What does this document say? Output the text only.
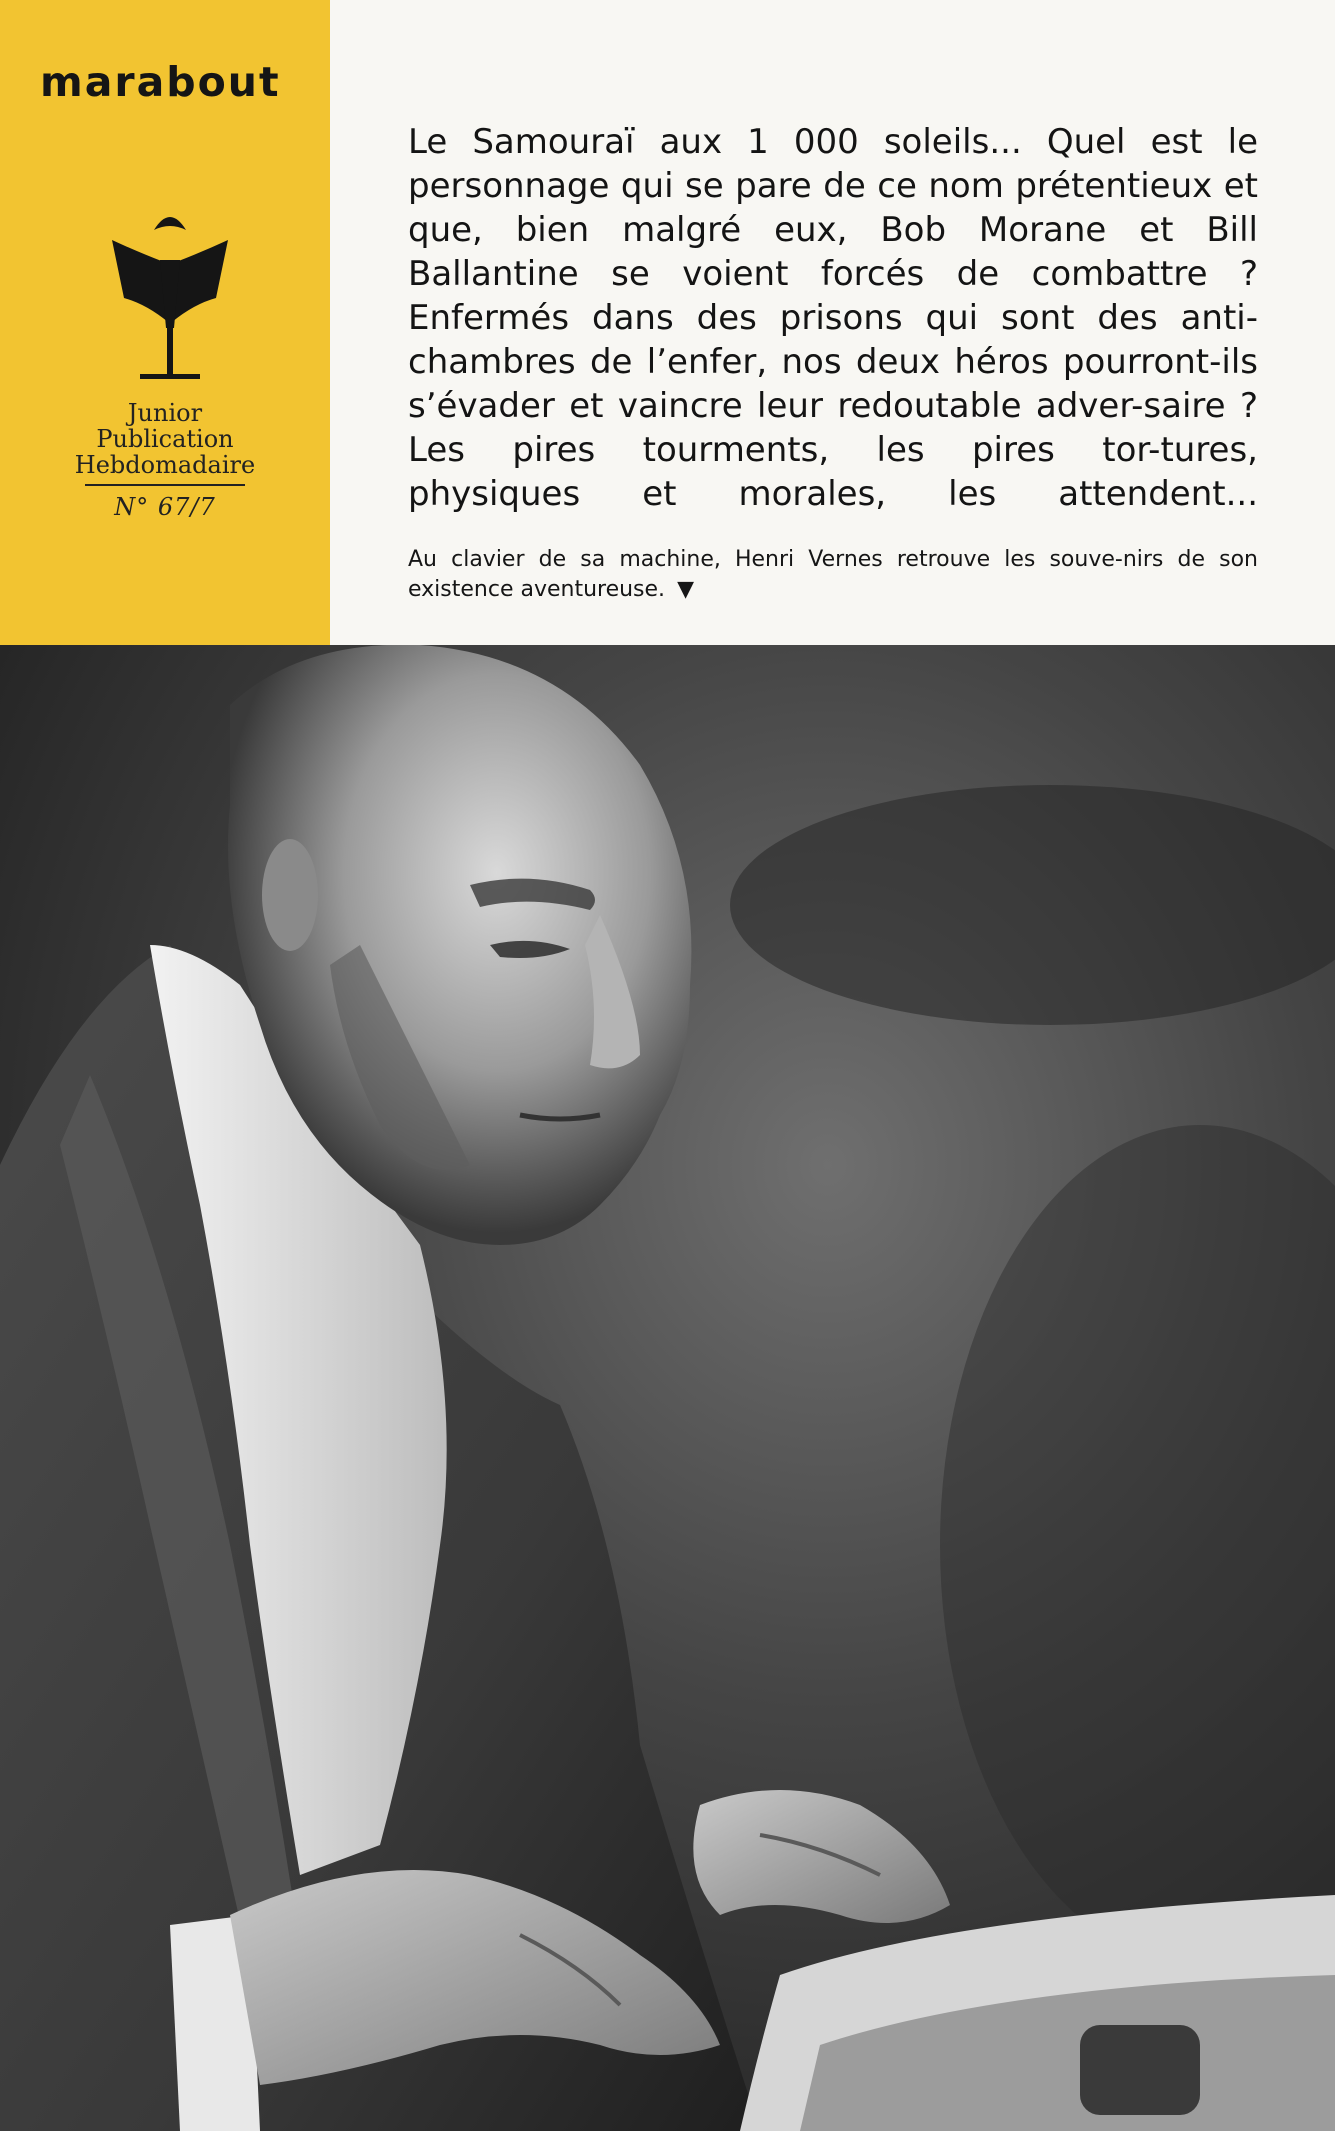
marabout
Junior
Publication
Hebdomadaire
N° 67/7

Le Samouraï aux 1 000 soleils... Quel est le personnage qui se pare de ce nom prétentieux et que, bien malgré eux, Bob Morane et Bill Ballantine se voient forcés de combattre ? Enfermés dans des prisons qui sont des anti-chambres de l’enfer, nos deux héros pourront-ils s’évader et vaincre leur redoutable adver-saire ? Les pires tourments, les pires tor-tures, physiques et morales, les attendent...

Au clavier de sa machine, Henri Vernes retrouve les souve-nirs de son existence aventureuse. ▼
